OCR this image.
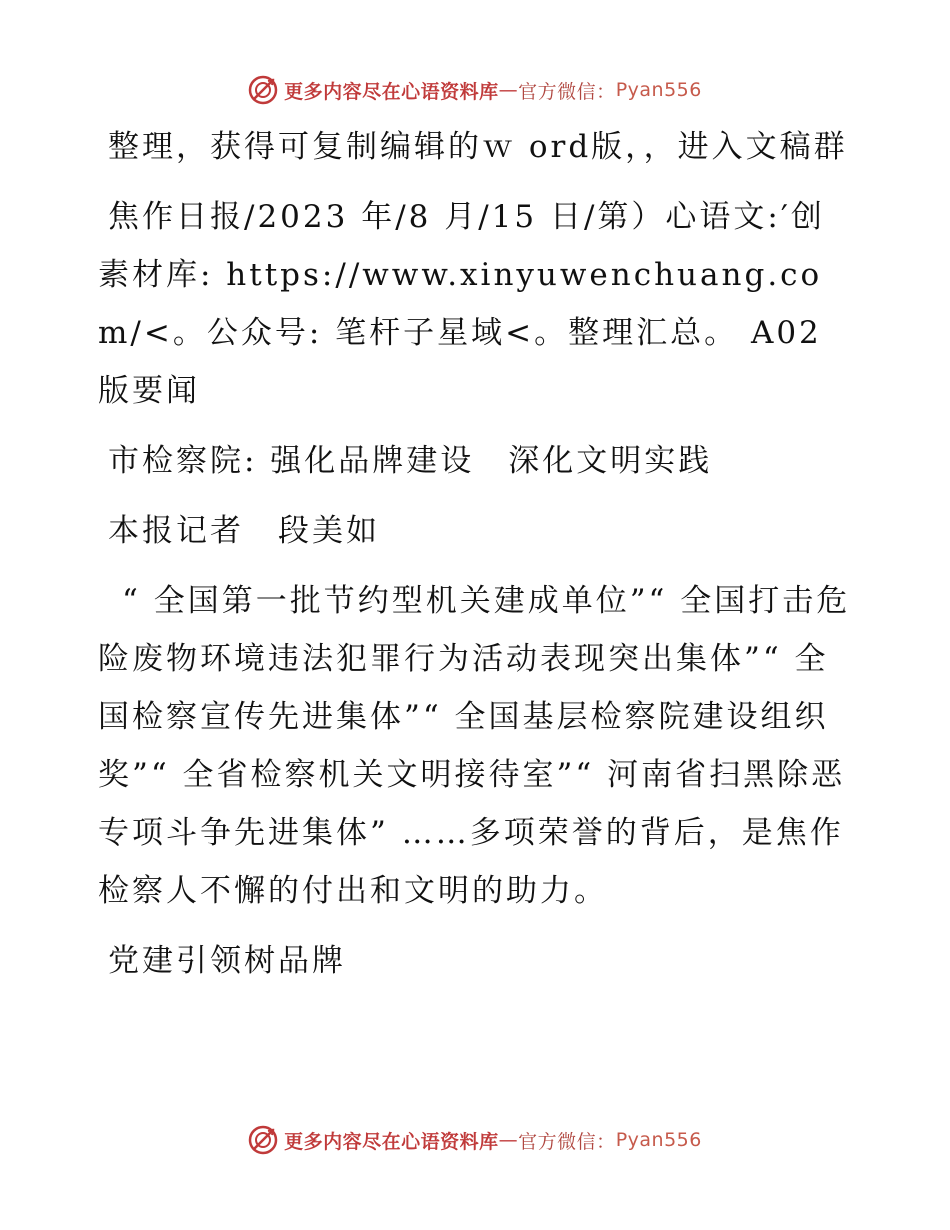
更多内容尽在心语资料库 — 官方微信： Pyan556

整理，获得可复制编辑的ｗ ord版，，进入文稿群

焦作日报/2023 年/8 月/15 日/第）心语文:′创素材库: https://www.xinyuwenchuang.com/<。公众号: 笔杆子星域<。整理汇总。 A02 版要闻

市检察院: 强化品牌建设　深化文明实践

本报记者　段美如

“ 全国第一批节约型机关建成单位”“ 全国打击危险废物环境违法犯罪行为活动表现突出集体”“ 全国检察宣传先进集体”“ 全国基层检察院建设组织奖”“ 全省检察机关文明接待室”“ 河南省扫黑除恶专项斗争先进集体” ……多项荣誉的背后，是焦作检察人不懈的付出和文明的助力。

党建引领树品牌

更多内容尽在心语资料库 — 官方微信： Pyan556
